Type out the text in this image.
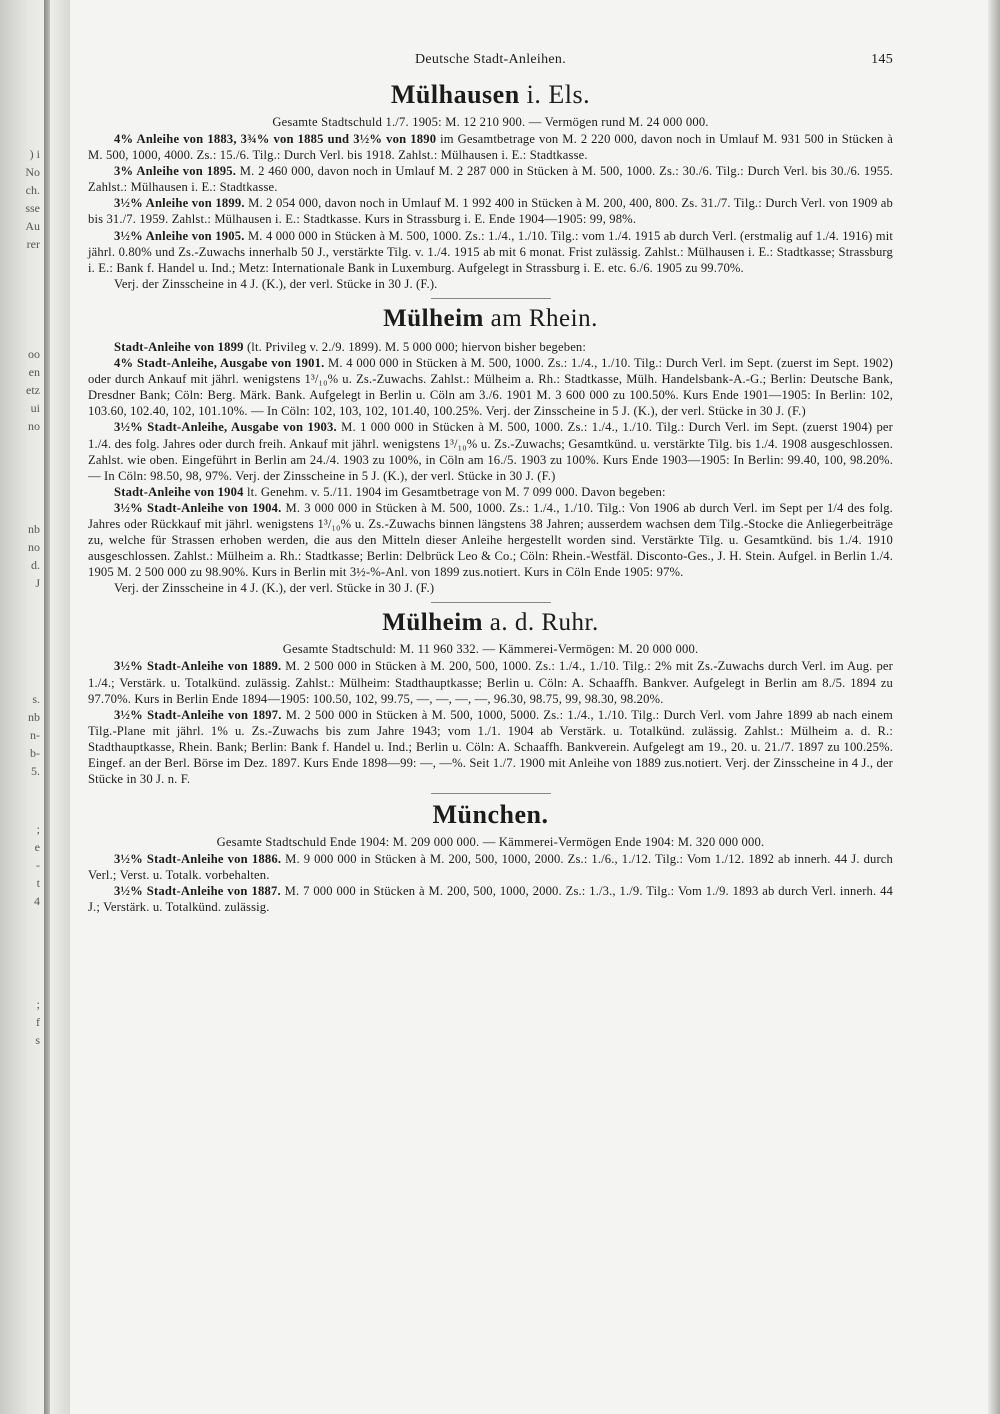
) i
No
ch.
sse
Au
rer
oo
en
etz
ui
no
nb
no
d.
J
s.
nb
n-
b-
5.
;
e
-
t
4
;
f
s
Deutsche Stadt-Anleihen.	145
Mülhausen i. Els.
Gesamte Stadtschuld 1./7. 1905: M. 12 210 900. — Vermögen rund M. 24 000 000.

4% Anleihe von 1883, 3¾% von 1885 und 3½% von 1890 im Gesamtbetrage von M. 2 220 000, davon noch in Umlauf M. 931 500 in Stücken à M. 500, 1000, 4000. Zs.: 15./6. Tilg.: Durch Verl. bis 1918. Zahlst.: Mülhausen i. E.: Stadtkasse.

3% Anleihe von 1895. M. 2 460 000, davon noch in Umlauf M. 2 287 000 in Stücken à M. 500, 1000. Zs.: 30./6. Tilg.: Durch Verl. bis 30./6. 1955. Zahlst.: Mülhausen i. E.: Stadtkasse.

3½% Anleihe von 1899. M. 2 054 000, davon noch in Umlauf M. 1 992 400 in Stücken à M. 200, 400, 800. Zs. 31./7. Tilg.: Durch Verl. von 1909 ab bis 31./7. 1959. Zahlst.: Mülhausen i. E.: Stadtkasse. Kurs in Strassburg i. E. Ende 1904—1905: 99, 98%.

3½% Anleihe von 1905. M. 4 000 000 in Stücken à M. 500, 1000. Zs.: 1./4., 1./10. Tilg.: vom 1./4. 1915 ab durch Verl. (erstmalig auf 1./4. 1916) mit jährl. 0.80% und Zs.-Zuwachs innerhalb 50 J., verstärkte Tilg. v. 1./4. 1915 ab mit 6 monat. Frist zulässig. Zahlst.: Mülhausen i. E.: Stadtkasse; Strassburg i. E.: Bank f. Handel u. Ind.; Metz: Internationale Bank in Luxemburg. Aufgelegt in Strassburg i. E. etc. 6./6. 1905 zu 99.70%.

Verj. der Zinsscheine in 4 J. (K.), der verl. Stücke in 30 J. (F.).

Mülheim am Rhein.

Stadt-Anleihe von 1899 (lt. Privileg v. 2./9. 1899). M. 5 000 000; hiervon bisher begeben:

4% Stadt-Anleihe, Ausgabe von 1901. M. 4 000 000 in Stücken à M. 500, 1000. Zs.: 1./4., 1./10. Tilg.: Durch Verl. im Sept. (zuerst im Sept. 1902) oder durch Ankauf mit jährl. wenigstens 1³/₁₀% u. Zs.-Zuwachs. Zahlst.: Mülheim a. Rh.: Stadtkasse, Mülh. Handelsbank-A.-G.; Berlin: Deutsche Bank, Dresdner Bank; Cöln: Berg. Märk. Bank. Aufgelegt in Berlin u. Cöln am 3./6. 1901 M. 3 600 000 zu 100.50%. Kurs Ende 1901—1905: In Berlin: 102, 103.60, 102.40, 102, 101.10%. — In Cöln: 102, 103, 102, 101.40, 100.25%. Verj. der Zinsscheine in 5 J. (K.), der verl. Stücke in 30 J. (F.)

3½% Stadt-Anleihe, Ausgabe von 1903. M. 1 000 000 in Stücken à M. 500, 1000. Zs.: 1./4., 1./10. Tilg.: Durch Verl. im Sept. (zuerst 1904) per 1./4. des folg. Jahres oder durch freih. Ankauf mit jährl. wenigstens 1³/₁₀% u. Zs.-Zuwachs; Gesamtkünd. u. verstärkte Tilg. bis 1./4. 1908 ausgeschlossen. Zahlst. wie oben. Eingeführt in Berlin am 24./4. 1903 zu 100%, in Cöln am 16./5. 1903 zu 100%. Kurs Ende 1903—1905: In Berlin: 99.40, 100, 98.20%. — In Cöln: 98.50, 98, 97%. Verj. der Zinsscheine in 5 J. (K.), der verl. Stücke in 30 J. (F.)

Stadt-Anleihe von 1904 lt. Genehm. v. 5./11. 1904 im Gesamtbetrage von M. 7 099 000. Davon begeben:

3½% Stadt-Anleihe von 1904. M. 3 000 000 in Stücken à M. 500, 1000. Zs.: 1./4., 1./10. Tilg.: Von 1906 ab durch Verl. im Sept per 1/4 des folg. Jahres oder Rückkauf mit jährl. wenigstens 1³/₁₀% u. Zs.-Zuwachs binnen längstens 38 Jahren; ausserdem wachsen dem Tilg.-Stocke die Anliegerbeiträge zu, welche für Strassen erhoben werden, die aus den Mitteln dieser Anleihe hergestellt worden sind. Verstärkte Tilg. u. Gesamtkünd. bis 1./4. 1910 ausgeschlossen. Zahlst.: Mülheim a. Rh.: Stadtkasse; Berlin: Delbrück Leo & Co.; Cöln: Rhein.-Westfäl. Disconto-Ges., J. H. Stein. Aufgel. in Berlin 1./4. 1905 M. 2 500 000 zu 98.90%. Kurs in Berlin mit 3½-%-Anl. von 1899 zus.notiert. Kurs in Cöln Ende 1905: 97%.

Verj. der Zinsscheine in 4 J. (K.), der verl. Stücke in 30 J. (F.)

Mülheim a. d. Ruhr.
Gesamte Stadtschuld: M. 11 960 332. — Kämmerei-Vermögen: M. 20 000 000.

3½% Stadt-Anleihe von 1889. M. 2 500 000 in Stücken à M. 200, 500, 1000. Zs.: 1./4., 1./10. Tilg.: 2% mit Zs.-Zuwachs durch Verl. im Aug. per 1./4.; Verstärk. u. Totalkünd. zulässig. Zahlst.: Mülheim: Stadthauptkasse; Berlin u. Cöln: A. Schaaffh. Bankver. Aufgelegt in Berlin am 8./5. 1894 zu 97.70%. Kurs in Berlin Ende 1894—1905: 100.50, 102, 99.75, —, —, —, —, 96.30, 98.75, 99, 98.30, 98.20%.

3½% Stadt-Anleihe von 1897. M. 2 500 000 in Stücken à M. 500, 1000, 5000. Zs.: 1./4., 1./10. Tilg.: Durch Verl. vom Jahre 1899 ab nach einem Tilg.-Plane mit jährl. 1% u. Zs.-Zuwachs bis zum Jahre 1943; vom 1./1. 1904 ab Verstärk. u. Totalkünd. zulässig. Zahlst.: Mülheim a. d. R.: Stadthauptkasse, Rhein. Bank; Berlin: Bank f. Handel u. Ind.; Berlin u. Cöln: A. Schaaffh. Bankverein. Aufgelegt am 19., 20. u. 21./7. 1897 zu 100.25%. Eingef. an der Berl. Börse im Dez. 1897. Kurs Ende 1898—99: —, —%. Seit 1./7. 1900 mit Anleihe von 1889 zus.notiert. Verj. der Zinsscheine in 4 J., der Stücke in 30 J. n. F.

München.
Gesamte Stadtschuld Ende 1904: M. 209 000 000. — Kämmerei-Vermögen Ende 1904: M. 320 000 000.

3½% Stadt-Anleihe von 1886. M. 9 000 000 in Stücken à M. 200, 500, 1000, 2000. Zs.: 1./6., 1./12. Tilg.: Vom 1./12. 1892 ab innerh. 44 J. durch Verl.; Verst. u. Totalk. vorbehalten.

3½% Stadt-Anleihe von 1887. M. 7 000 000 in Stücken à M. 200, 500, 1000, 2000. Zs.: 1./3., 1./9. Tilg.: Vom 1./9. 1893 ab durch Verl. innerh. 44 J.; Verstärk. u. Totalkünd. zulässig.
